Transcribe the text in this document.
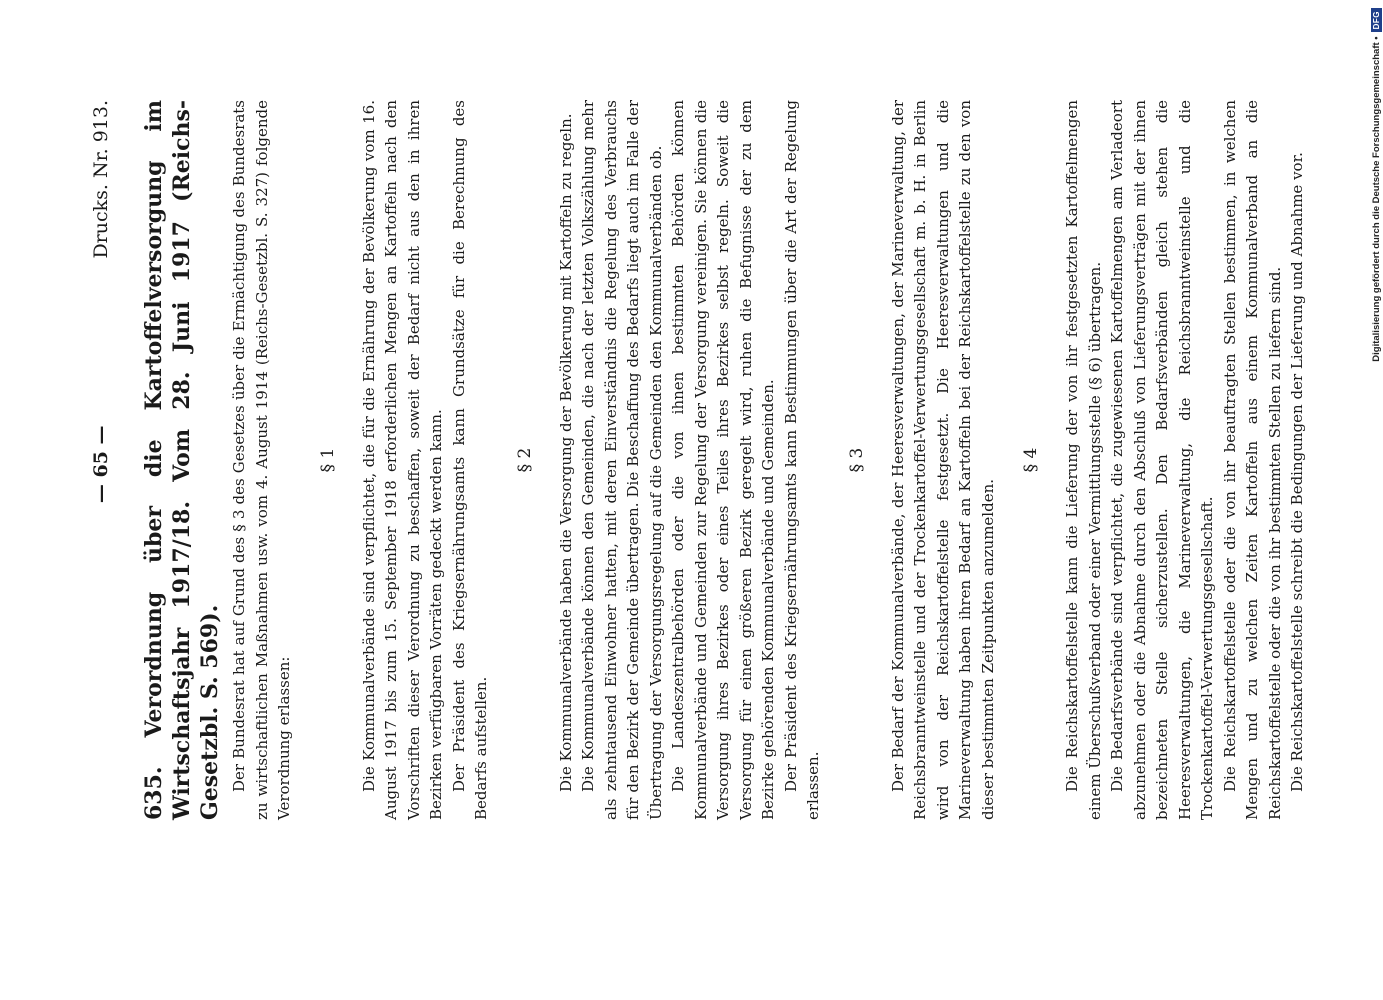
— 65 —
Drucks. Nr. 913. 635. Verordnung über die Kartoffelversorgung im Wirtschaftsjahr 1917/18. Vom 28. Juni 1917 (Reichs-Gesetzbl. S. 569). Der Bundesrat hat auf Grund des § 3 des Gesetzes über die Ermächtigung des Bundesrats zu wirtschaftlichen Maßnahmen usw. vom 4. August 1914 (Reichs-Gesetzbl. S. 327) folgende Verordnung erlassen:

§ 1 Die Kommunalverbände sind verpflichtet, die für die Ernährung der Bevölkerung vom 16. August 1917 bis zum 15. September 1918 erforderlichen Mengen an Kartoffeln nach den Vorschriften dieser Verordnung zu beschaffen, soweit der Bedarf nicht aus den in ihren Bezirken verfügbaren Vorräten gedeckt werden kann. Der Präsident des Kriegsernährungsamts kann Grundsätze für die Berechnung des Bedarfs aufstellen.

§ 2 Die Kommunalverbände haben die Versorgung der Bevölkerung mit Kartoffeln zu regeln. Die Kommunalverbände können den Gemeinden, die nach der letzten Volkszählung mehr als zehntausend Einwohner hatten, mit deren Einverständnis die Regelung des Verbrauchs für den Bezirk der Gemeinde übertragen. Die Beschaffung des Bedarfs liegt auch im Falle der Übertragung der Versorgungsregelung auf die Gemeinden den Kommunalverbänden ob. Die Landeszentralbehörden oder die von ihnen bestimmten Behörden können Kommunalverbände und Gemeinden zur Regelung der Versorgung vereinigen. Sie können die Versorgung ihres Bezirkes oder eines Teiles ihres Bezirkes selbst regeln. Soweit die Versorgung für einen größeren Bezirk geregelt wird, ruhen die Befugnisse der zu dem Bezirke gehörenden Kommunalverbände und Gemeinden. Der Präsident des Kriegsernährungsamts kann Bestimmungen über die Art der Regelung erlassen.

§ 3 Der Bedarf der Kommunalverbände, der Heeresverwaltungen, der Marineverwaltung, der Reichsbranntweinstelle und der Trockenkartoffel-Verwertungsgesellschaft m. b. H. in Berlin wird von der Reichskartoffelstelle festgesetzt. Die Heeresverwaltungen und die Marineverwaltung haben ihren Bedarf an Kartoffeln bei der Reichskartoffelstelle zu den von dieser bestimmten Zeitpunkten anzumelden.

§ 4 Die Reichskartoffelstelle kann die Lieferung der von ihr festgesetzten Kartoffelmengen einem Überschußverband oder einer Vermittlungsstelle (§ 6) übertragen. Die Bedarfsverbände sind verpflichtet, die zugewiesenen Kartoffelmengen am Verladeort abzunehmen oder die Abnahme durch den Abschluß von Lieferungsverträgen mit der ihnen bezeichneten Stelle sicherzustellen. Den Bedarfsverbänden gleich stehen die Heeresverwaltungen, die Marineverwaltung, die Reichsbranntweinstelle und die Trockenkartoffel-Verwertungsgesellschaft. Die Reichskartoffelstelle oder die von ihr beauftragten Stellen bestimmen, in welchen Mengen und zu welchen Zeiten Kartoffeln aus einem Kommunalverband an die Reichskartoffelstelle oder die von ihr bestimmten Stellen zu liefern sind. Die Reichskartoffelstelle schreibt die Bedingungen der Lieferung und Abnahme vor.	Digitalisierung gefördert durch die Deutsche Forschungsgemeinschaft •
DFG
